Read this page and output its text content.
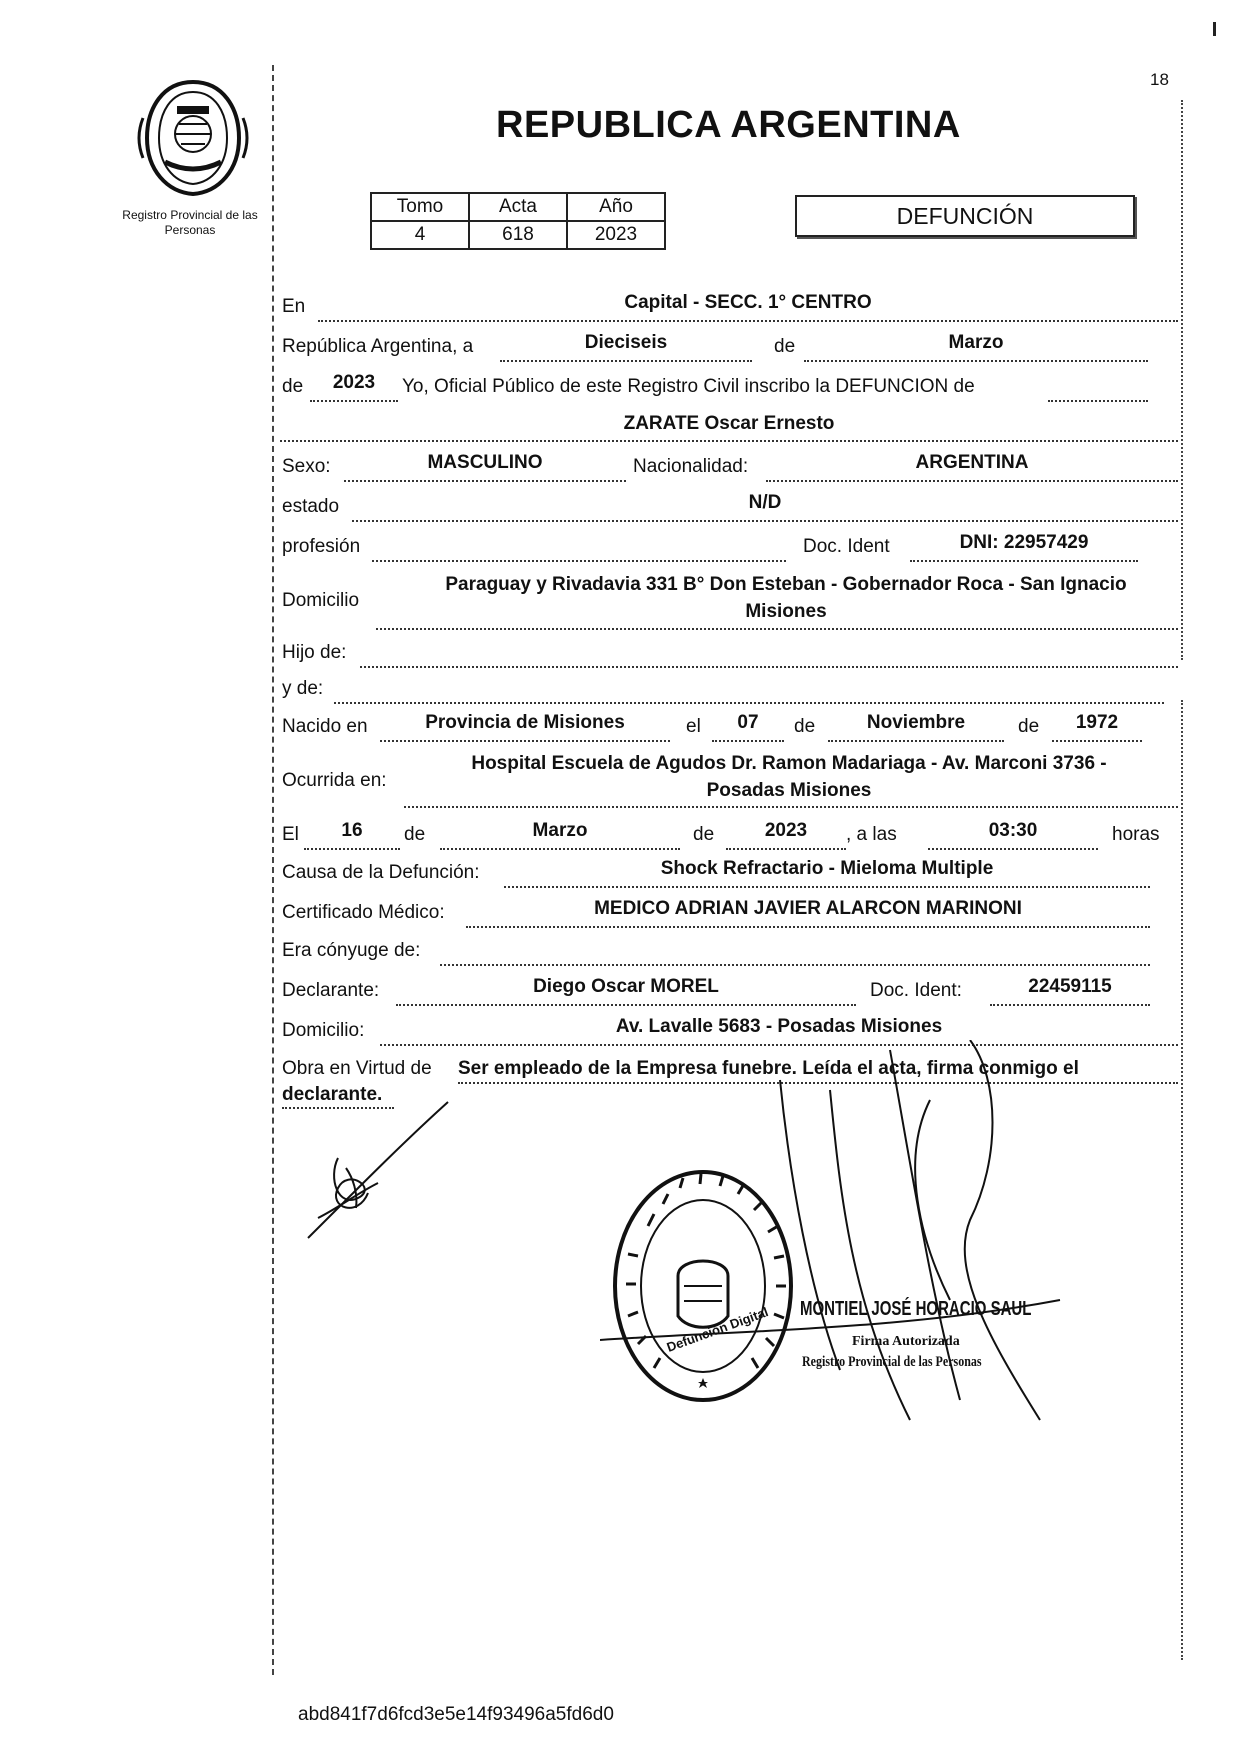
18
Registro Provincial de las Personas
REPUBLICA ARGENTINA
Tomo	Acta	Año
4	618	2023
DEFUNCIÓN
En	Capital - SECC. 1° CENTRO
República Argentina, a	Dieciseis	de	Marzo
de	2023	Yo, Oficial Público de este Registro Civil inscribo la DEFUNCION de
ZARATE Oscar Ernesto
Sexo:	MASCULINO	Nacionalidad:	ARGENTINA
estado	N/D
profesión	Doc. Ident	DNI: 22957429
Domicilio
Paraguay y Rivadavia 331 B° Don Esteban - Gobernador Roca - San Ignacio
Misiones
Hijo de:
y de:
Nacido en	Provincia de Misiones	el	07	de	Noviembre	de	1972
Ocurrida en:
Hospital Escuela de Agudos Dr. Ramon Madariaga - Av. Marconi 3736 -
Posadas Misiones
El	16	de	Marzo	de	2023	, a las	03:30	horas
Causa de la Defunción:	Shock Refractario - Mieloma Multiple
Certificado Médico:	MEDICO ADRIAN JAVIER ALARCON MARINONI
Era cónyuge de:
Declarante:	Diego Oscar MOREL	Doc. Ident:	22459115
Domicilio:	Av. Lavalle 5683 - Posadas Misiones
Obra en Virtud de Ser empleado de la Empresa funebre. Leída el acta, firma conmigo el
declarante.
Defunción Digital MONTIEL JOSÉ HORACIO SAUL
Firma Autorizada
Registro Provincial de las Personas
abd841f7d6fcd3e5e14f93496a5fd6d0
